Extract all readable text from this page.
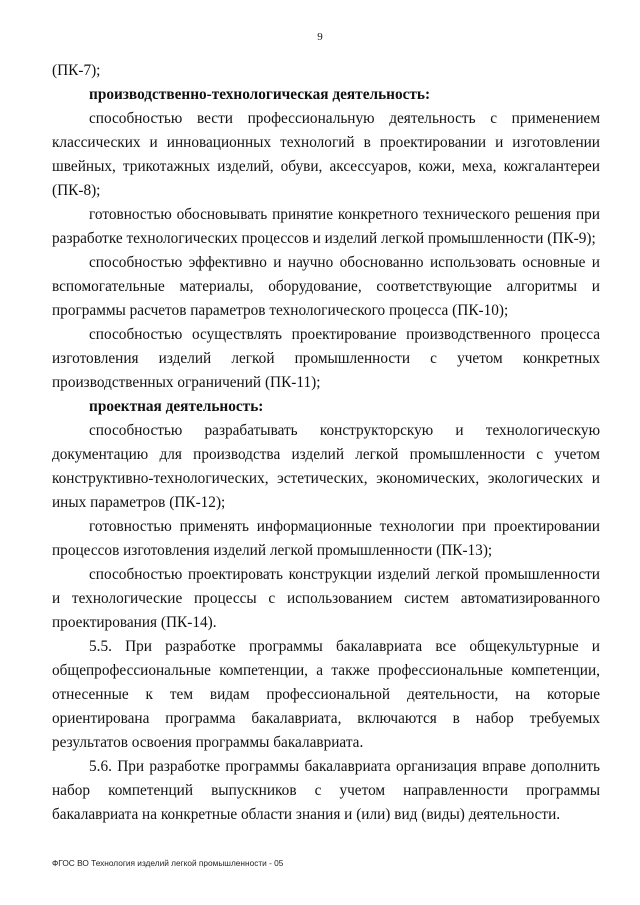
9

(ПК-7);

производственно-технологическая деятельность:

способностью вести профессиональную деятельность с применением классических и инновационных технологий в проектировании и изготовлении швейных, трикотажных изделий, обуви, аксессуаров, кожи, меха, кожгалантереи (ПК-8);

готовностью обосновывать принятие конкретного технического решения при разработке технологических процессов и изделий легкой промышленности (ПК-9);

способностью эффективно и научно обоснованно использовать основные и вспомогательные материалы, оборудование, соответствующие алгоритмы и программы расчетов параметров технологического процесса (ПК-10);

способностью осуществлять проектирование производственного процесса изготовления изделий легкой промышленности с учетом конкретных производственных ограничений (ПК-11);

проектная деятельность:

способностью разрабатывать конструкторскую и технологическую документацию для производства изделий легкой промышленности с учетом конструктивно-технологических, эстетических, экономических, экологических и иных параметров (ПК-12);

готовностью применять информационные технологии при проектировании процессов изготовления изделий легкой промышленности (ПК-13);

способностью проектировать конструкции изделий легкой промышленности и технологические процессы с использованием систем автоматизированного проектирования (ПК-14).

5.5. При разработке программы бакалавриата все общекультурные и общепрофессиональные компетенции, а также профессиональные компетенции, отнесенные к тем видам профессиональной деятельности, на которые ориентирована программа бакалавриата, включаются в набор требуемых результатов освоения программы бакалавриата.

5.6. При разработке программы бакалавриата организация вправе дополнить набор компетенций выпускников с учетом направленности программы бакалавриата на конкретные области знания и (или) вид (виды) деятельности.

ФГОС ВО Технология изделий легкой промышленности - 05
